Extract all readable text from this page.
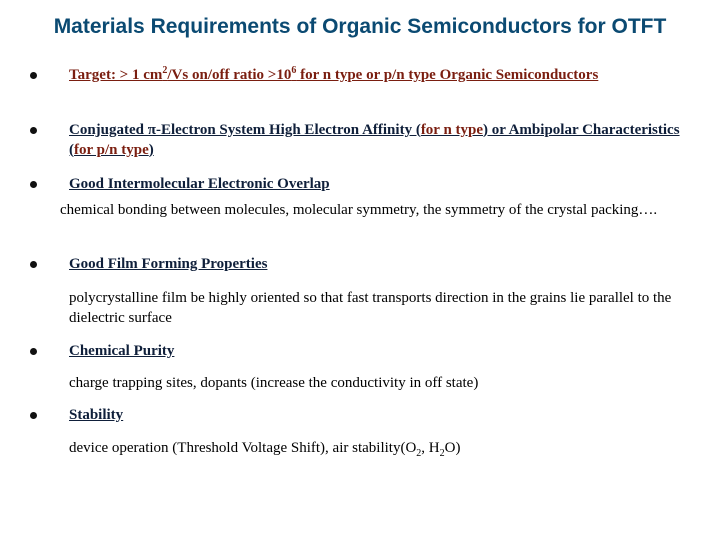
Materials Requirements of Organic Semiconductors for OTFT
Target: > 1 $cm^2/Vs$ on/off ratio $>10^6$ for n type or p/n type Organic Semiconductors
Conjugated π-Electron System High Electron Affinity (for n type) or Ambipolar Characteristics (for p/n type)
Good Intermolecular Electronic Overlap
chemical bonding between molecules, molecular symmetry, the symmetry of the crystal packing….
Good Film Forming Properties
polycrystalline film be highly oriented so that fast transports direction in the grains lie parallel to the dielectric surface
Chemical Purity
charge trapping sites, dopants (increase the conductivity in off state)
Stability
device operation (Threshold Voltage Shift), air $stability(O_2$, $H_2O$)
